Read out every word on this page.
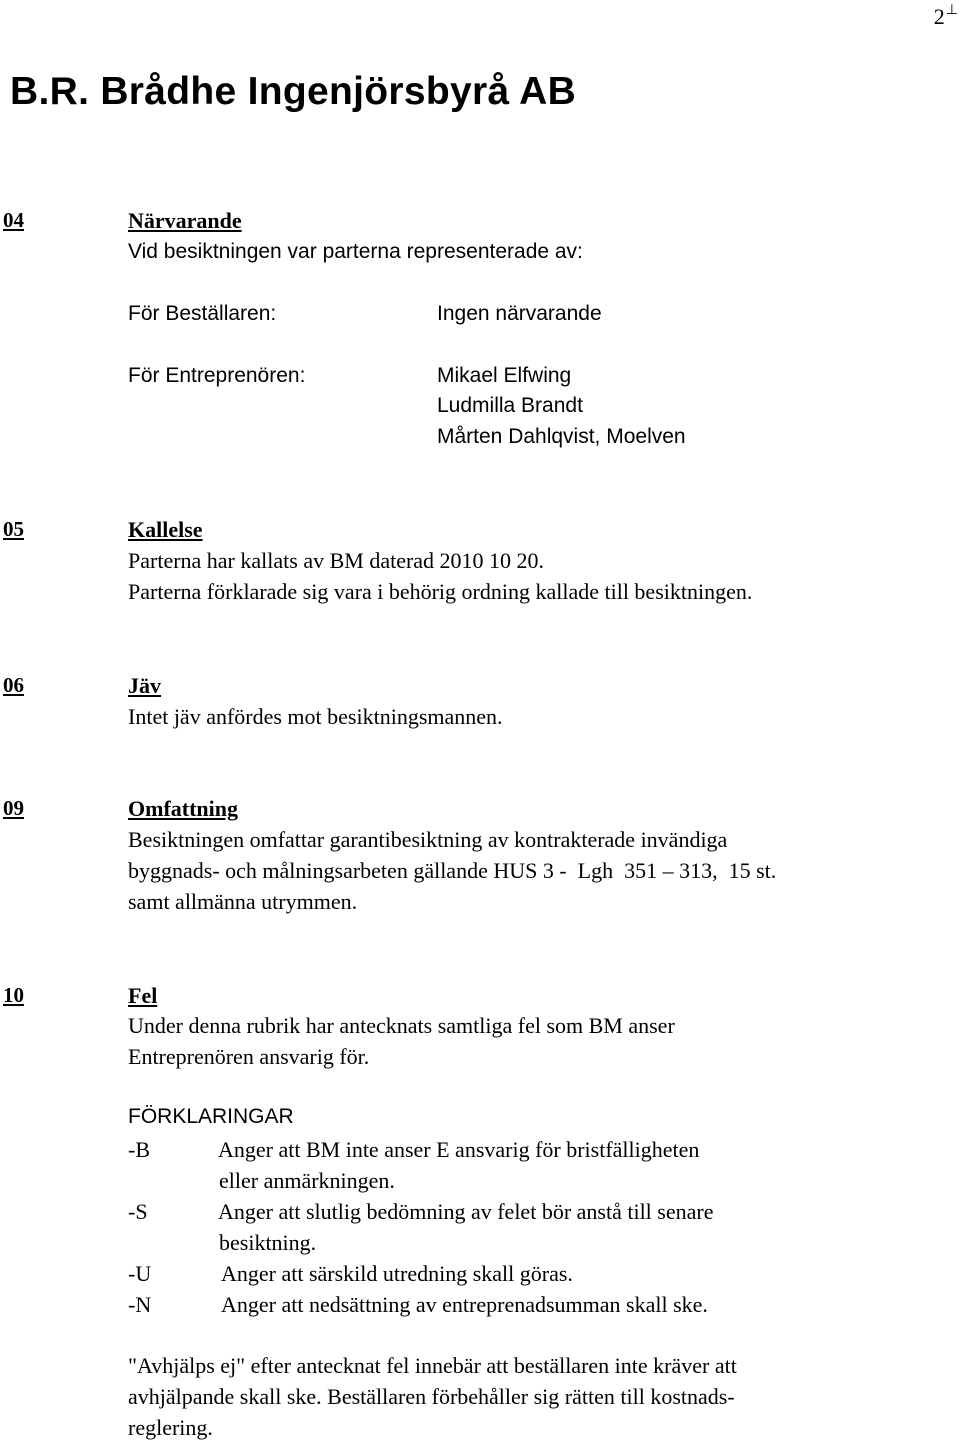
2⊥
B.R. Brådhe Ingenjörsbyrå AB
04	Närvarande
Vid besiktningen var parterna representerade av:
För Beställaren:	Ingen närvarande
För Entreprenören:	Mikael Elfwing
Ludmilla Brandt
Mårten Dahlqvist, Moelven
05	Kallelse
Parterna har kallats av BM daterad 2010 10 20.
Parterna förklarade sig vara i behörig ordning kallade till besiktningen.
06	Jäv
Intet jäv anfördes mot besiktningsmannen.
09	Omfattning
Besiktningen omfattar garantibesiktning av kontrakterade invändiga
byggnads- och målningsarbeten gällande HUS 3 -  Lgh  351 – 313,  15 st.
samt allmänna utrymmen.
10	Fel
Under denna rubrik har antecknats samtliga fel som BM anser
Entreprenören ansvarig för.
FÖRKLARINGAR
-B	Anger att BM inte anser E ansvarig för bristfälligheten
eller anmärkningen.
-S	Anger att slutlig bedömning av felet bör anstå till senare
besiktning.
-U	Anger att särskild utredning skall göras.
-N	Anger att nedsättning av entreprenadsumman skall ske.
"Avhjälps ej" efter antecknat fel innebär att beställaren inte kräver att
avhjälpande skall ske. Beställaren förbehåller sig rätten till kostnads-
reglering.
